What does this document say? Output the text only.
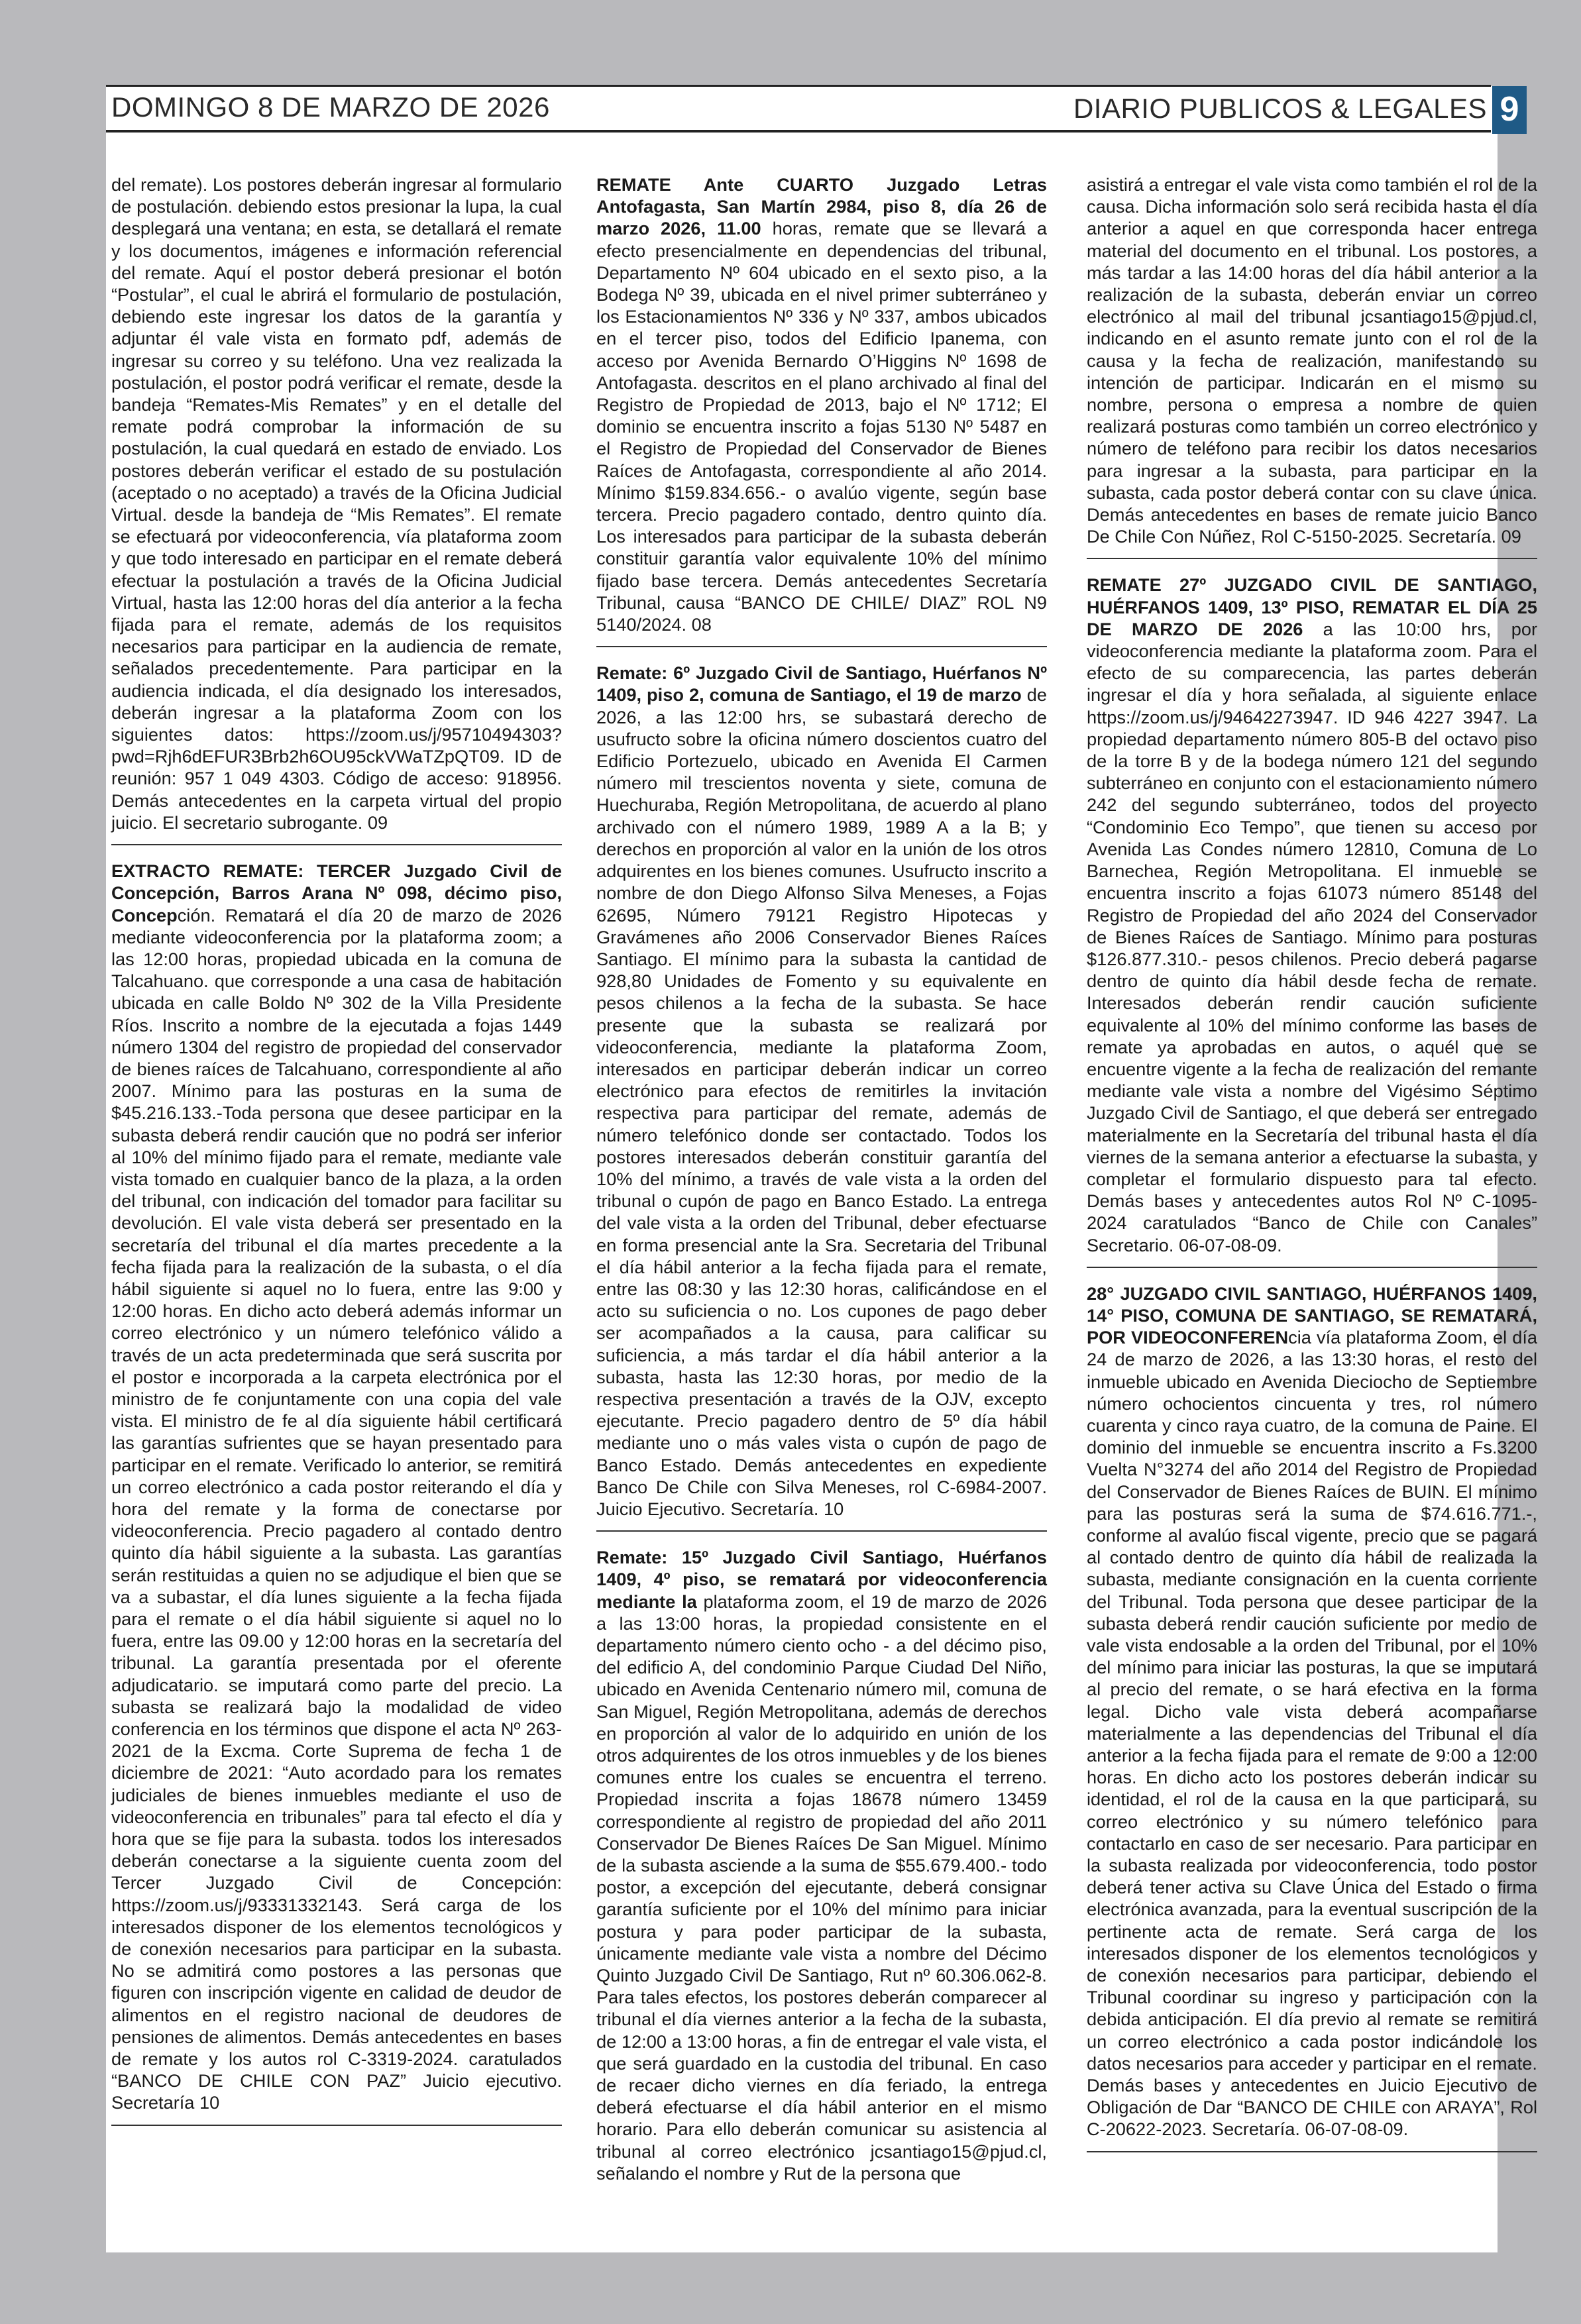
DOMINGO 8 DE MARZO DE 2026	DIARIO PUBLICOS & LEGALES 9

del remate). Los postores deberán ingresar al formulario de postulación. debiendo estos presionar la lupa, la cual desplegará una ventana; en esta, se detallará el remate y los documentos, imágenes e información referencial del remate. Aquí el postor deberá presionar el botón “Postular”, el cual le abrirá el formulario de postulación, debiendo este ingresar los datos de la garantía y adjuntar él vale vista en formato pdf, además de ingresar su correo y su teléfono. Una vez realizada la postulación, el postor podrá verificar el remate, desde la bandeja “Remates-Mis Remates” y en el detalle del remate podrá comprobar la información de su postulación, la cual quedará en estado de enviado. Los postores deberán verificar el estado de su postulación (aceptado o no aceptado) a través de la Oficina Judicial Virtual. desde la bandeja de “Mis Remates”. El remate se efectuará por videoconferencia, vía plataforma zoom y que todo interesado en participar en el remate deberá efectuar la postulación a través de la Oficina Judicial Virtual, hasta las 12:00 horas del día anterior a la fecha fijada para el remate, además de los requisitos necesarios para participar en la audiencia de remate, señalados precedentemente. Para participar en la audiencia indicada, el día designado los interesados, deberán ingresar a la plataforma Zoom con los siguientes datos: https://zoom.us/j/95710494303?pwd=Rjh6dEFUR3Brb2h6OU95ckVWaTZpQT09. ID de reunión: 957 1 049 4303. Código de acceso: 918956. Demás antecedentes en la carpeta virtual del propio juicio. El secretario subrogante. 09

EXTRACTO REMATE: TERCER Juzgado Civil de Concepción, Barros Arana Nº 098, décimo piso, Concepción. Rematará el día 20 de marzo de 2026 mediante videoconferencia por la plataforma zoom; a las 12:00 horas, propiedad ubicada en la comuna de Talcahuano. que corresponde a una casa de habitación ubicada en calle Boldo Nº 302 de la Villa Presidente Ríos. Inscrito a nombre de la ejecutada a fojas 1449 número 1304 del registro de propiedad del conservador de bienes raíces de Talcahuano, correspondiente al año 2007. Mínimo para las posturas en la suma de $45.216.133.-Toda persona que desee participar en la subasta deberá rendir caución que no podrá ser inferior al 10% del mínimo fijado para el remate, mediante vale vista tomado en cualquier banco de la plaza, a la orden del tribunal, con indicación del tomador para facilitar su devolución. El vale vista deberá ser presentado en la secretaría del tribunal el día martes precedente a la fecha fijada para la realización de la subasta, o el día hábil siguiente si aquel no lo fuera, entre las 9:00 y 12:00 horas. En dicho acto deberá además informar un correo electrónico y un número telefónico válido a través de un acta predeterminada que será suscrita por el postor e incorporada a la carpeta electrónica por el ministro de fe conjuntamente con una copia del vale vista. El ministro de fe al día siguiente hábil certificará las garantías sufrientes que se hayan presentado para participar en el remate. Verificado lo anterior, se remitirá un correo electrónico a cada postor reiterando el día y hora del remate y la forma de conectarse por videoconferencia. Precio pagadero al contado dentro quinto día hábil siguiente a la subasta. Las garantías serán restituidas a quien no se adjudique el bien que se va a subastar, el día lunes siguiente a la fecha fijada para el remate o el día hábil siguiente si aquel no lo fuera, entre las 09.00 y 12:00 horas en la secretaría del tribunal. La garantía presentada por el oferente adjudicatario. se imputará como parte del precio. La subasta se realizará bajo la modalidad de video conferencia en los términos que dispone el acta Nº 263-2021 de la Excma. Corte Suprema de fecha 1 de diciembre de 2021: “Auto acordado para los remates judiciales de bienes inmuebles mediante el uso de videoconferencia en tribunales” para tal efecto el día y hora que se fije para la subasta. todos los interesados deberán conectarse a la siguiente cuenta zoom del Tercer Juzgado Civil de Concepción: https://zoom.us/j/93331332143. Será carga de los interesados disponer de los elementos tecnológicos y de conexión necesarios para participar en la subasta. No se admitirá como postores a las personas que figuren con inscripción vigente en calidad de deudor de alimentos en el registro nacional de deudores de pensiones de alimentos. Demás antecedentes en bases de remate y los autos rol C-3319-2024. caratulados “BANCO DE CHILE CON PAZ” Juicio ejecutivo. Secretaría 10

REMATE Ante CUARTO Juzgado Letras Antofagasta, San Martín 2984, piso 8, día 26 de marzo 2026, 11.00 horas, remate que se llevará a efecto presencialmente en dependencias del tribunal, Departamento Nº 604 ubicado en el sexto piso, a la Bodega Nº 39, ubicada en el nivel primer subterráneo y los Estacionamientos Nº 336 y Nº 337, ambos ubicados en el tercer piso, todos del Edificio Ipanema, con acceso por Avenida Bernardo O’Higgins Nº 1698 de Antofagasta. descritos en el plano archivado al final del Registro de Propiedad de 2013, bajo el Nº 1712; El dominio se encuentra inscrito a fojas 5130 Nº 5487 en el Registro de Propiedad del Conservador de Bienes Raíces de Antofagasta, correspondiente al año 2014. Mínimo $159.834.656.- o avalúo vigente, según base tercera. Precio pagadero contado, dentro quinto día. Los interesados para participar de la subasta deberán constituir garantía valor equivalente 10% del mínimo fijado base tercera. Demás antecedentes Secretaría Tribunal, causa “BANCO DE CHILE/ DIAZ” ROL N9 5140/2024. 08

Remate: 6º Juzgado Civil de Santiago, Huérfanos Nº 1409, piso 2, comuna de Santiago, el 19 de marzo de 2026, a las 12:00 hrs, se subastará derecho de usufructo sobre la oficina número doscientos cuatro del Edificio Portezuelo, ubicado en Avenida El Carmen número mil trescientos noventa y siete, comuna de Huechuraba, Región Metropolitana, de acuerdo al plano archivado con el número 1989, 1989 A a la B; y derechos en proporción al valor en la unión de los otros adquirentes en los bienes comunes. Usufructo inscrito a nombre de don Diego Alfonso Silva Meneses, a Fojas 62695, Número 79121 Registro Hipotecas y Gravámenes año 2006 Conservador Bienes Raíces Santiago. El mínimo para la subasta la cantidad de 928,80 Unidades de Fomento y su equivalente en pesos chilenos a la fecha de la subasta. Se hace presente que la subasta se realizará por videoconferencia, mediante la plataforma Zoom, interesados en participar deberán indicar un correo electrónico para efectos de remitirles la invitación respectiva para participar del remate, además de número telefónico donde ser contactado. Todos los postores interesados deberán constituir garantía del 10% del mínimo, a través de vale vista a la orden del tribunal o cupón de pago en Banco Estado. La entrega del vale vista a la orden del Tribunal, deber efectuarse en forma presencial ante la Sra. Secretaria del Tribunal el día hábil anterior a la fecha fijada para el remate, entre las 08:30 y las 12:30 horas, calificándose en el acto su suficiencia o no. Los cupones de pago deber ser acompañados a la causa, para calificar su suficiencia, a más tardar el día hábil anterior a la subasta, hasta las 12:30 horas, por medio de la respectiva presentación a través de la OJV, excepto ejecutante. Precio pagadero dentro de 5º día hábil mediante uno o más vales vista o cupón de pago de Banco Estado. Demás antecedentes en expediente Banco De Chile con Silva Meneses, rol C-6984-2007. Juicio Ejecutivo. Secretaría. 10

Remate: 15º Juzgado Civil Santiago, Huérfanos 1409, 4º piso, se rematará por videoconferencia mediante la plataforma zoom, el 19 de marzo de 2026 a las 13:00 horas, la propiedad consistente en el departamento número ciento ocho - a del décimo piso, del edificio A, del condominio Parque Ciudad Del Niño, ubicado en Avenida Centenario número mil, comuna de San Miguel, Región Metropolitana, además de derechos en proporción al valor de lo adquirido en unión de los otros adquirentes de los otros inmuebles y de los bienes comunes entre los cuales se encuentra el terreno. Propiedad inscrita a fojas 18678 número 13459 correspondiente al registro de propiedad del año 2011 Conservador De Bienes Raíces De San Miguel. Mínimo de la subasta asciende a la suma de $55.679.400.- todo postor, a excepción del ejecutante, deberá consignar garantía suficiente por el 10% del mínimo para iniciar postura y para poder participar de la subasta, únicamente mediante vale vista a nombre del Décimo Quinto Juzgado Civil De Santiago, Rut nº 60.306.062-8. Para tales efectos, los postores deberán comparecer al tribunal el día viernes anterior a la fecha de la subasta, de 12:00 a 13:00 horas, a fin de entregar el vale vista, el que será guardado en la custodia del tribunal. En caso de recaer dicho viernes en día feriado, la entrega deberá efectuarse el día hábil anterior en el mismo horario. Para ello deberán comunicar su asistencia al tribunal al correo electrónico jcsantiago15@pjud.cl, señalando el nombre y Rut de la persona que

asistirá a entregar el vale vista como también el rol de la causa. Dicha información solo será recibida hasta el día anterior a aquel en que corresponda hacer entrega material del documento en el tribunal. Los postores, a más tardar a las 14:00 horas del día hábil anterior a la realización de la subasta, deberán enviar un correo electrónico al mail del tribunal jcsantiago15@pjud.cl, indicando en el asunto remate junto con el rol de la causa y la fecha de realización, manifestando su intención de participar. Indicarán en el mismo su nombre, persona o empresa a nombre de quien realizará posturas como también un correo electrónico y número de teléfono para recibir los datos necesarios para ingresar a la subasta, para participar en la subasta, cada postor deberá contar con su clave única. Demás antecedentes en bases de remate juicio Banco De Chile Con Núñez, Rol C-5150-2025. Secretaría. 09

REMATE 27º JUZGADO CIVIL DE SANTIAGO, HUÉRFANOS 1409, 13º PISO, REMATAR EL DÍA 25 DE MARZO DE 2026 a las 10:00 hrs, por videoconferencia mediante la plataforma zoom. Para el efecto de su comparecencia, las partes deberán ingresar el día y hora señalada, al siguiente enlace https://zoom.us/j/94642273947. ID 946 4227 3947. La propiedad departamento número 805-B del octavo piso de la torre B y de la bodega número 121 del segundo subterráneo en conjunto con el estacionamiento número 242 del segundo subterráneo, todos del proyecto “Condominio Eco Tempo”, que tienen su acceso por Avenida Las Condes número 12810, Comuna de Lo Barnechea, Región Metropolitana. El inmueble se encuentra inscrito a fojas 61073 número 85148 del Registro de Propiedad del año 2024 del Conservador de Bienes Raíces de Santiago. Mínimo para posturas $126.877.310.- pesos chilenos. Precio deberá pagarse dentro de quinto día hábil desde fecha de remate. Interesados deberán rendir caución suficiente equivalente al 10% del mínimo conforme las bases de remate ya aprobadas en autos, o aquél que se encuentre vigente a la fecha de realización del remante mediante vale vista a nombre del Vigésimo Séptimo Juzgado Civil de Santiago, el que deberá ser entregado materialmente en la Secretaría del tribunal hasta el día viernes de la semana anterior a efectuarse la subasta, y completar el formulario dispuesto para tal efecto. Demás bases y antecedentes autos Rol Nº C-1095-2024 caratulados “Banco de Chile con Canales” Secretario. 06-07-08-09.

28° JUZGADO CIVIL SANTIAGO, HUÉRFANOS 1409, 14° PISO, COMUNA DE SANTIAGO, SE REMATARÁ, POR VIDEOCONFERENcia vía plataforma Zoom, el día 24 de marzo de 2026, a las 13:30 horas, el resto del inmueble ubicado en Avenida Dieciocho de Septiembre número ochocientos cincuenta y tres, rol número cuarenta y cinco raya cuatro, de la comuna de Paine. El dominio del inmueble se encuentra inscrito a Fs.3200 Vuelta N°3274 del año 2014 del Registro de Propiedad del Conservador de Bienes Raíces de BUIN. El mínimo para las posturas será la suma de $74.616.771.-, conforme al avalúo fiscal vigente, precio que se pagará al contado dentro de quinto día hábil de realizada la subasta, mediante consignación en la cuenta corriente del Tribunal. Toda persona que desee participar de la subasta deberá rendir caución suficiente por medio de vale vista endosable a la orden del Tribunal, por el 10% del mínimo para iniciar las posturas, la que se imputará al precio del remate, o se hará efectiva en la forma legal. Dicho vale vista deberá acompañarse materialmente a las dependencias del Tribunal el día anterior a la fecha fijada para el remate de 9:00 a 12:00 horas. En dicho acto los postores deberán indicar su identidad, el rol de la causa en la que participará, su correo electrónico y su número telefónico para contactarlo en caso de ser necesario. Para participar en la subasta realizada por videoconferencia, todo postor deberá tener activa su Clave Única del Estado o firma electrónica avanzada, para la eventual suscripción de la pertinente acta de remate. Será carga de los interesados disponer de los elementos tecnológicos y de conexión necesarios para participar, debiendo el Tribunal coordinar su ingreso y participación con la debida anticipación. El día previo al remate se remitirá un correo electrónico a cada postor indicándole los datos necesarios para acceder y participar en el remate. Demás bases y antecedentes en Juicio Ejecutivo de Obligación de Dar “BANCO DE CHILE con ARAYA”, Rol C-20622-2023. Secretaría. 06-07-08-09.
